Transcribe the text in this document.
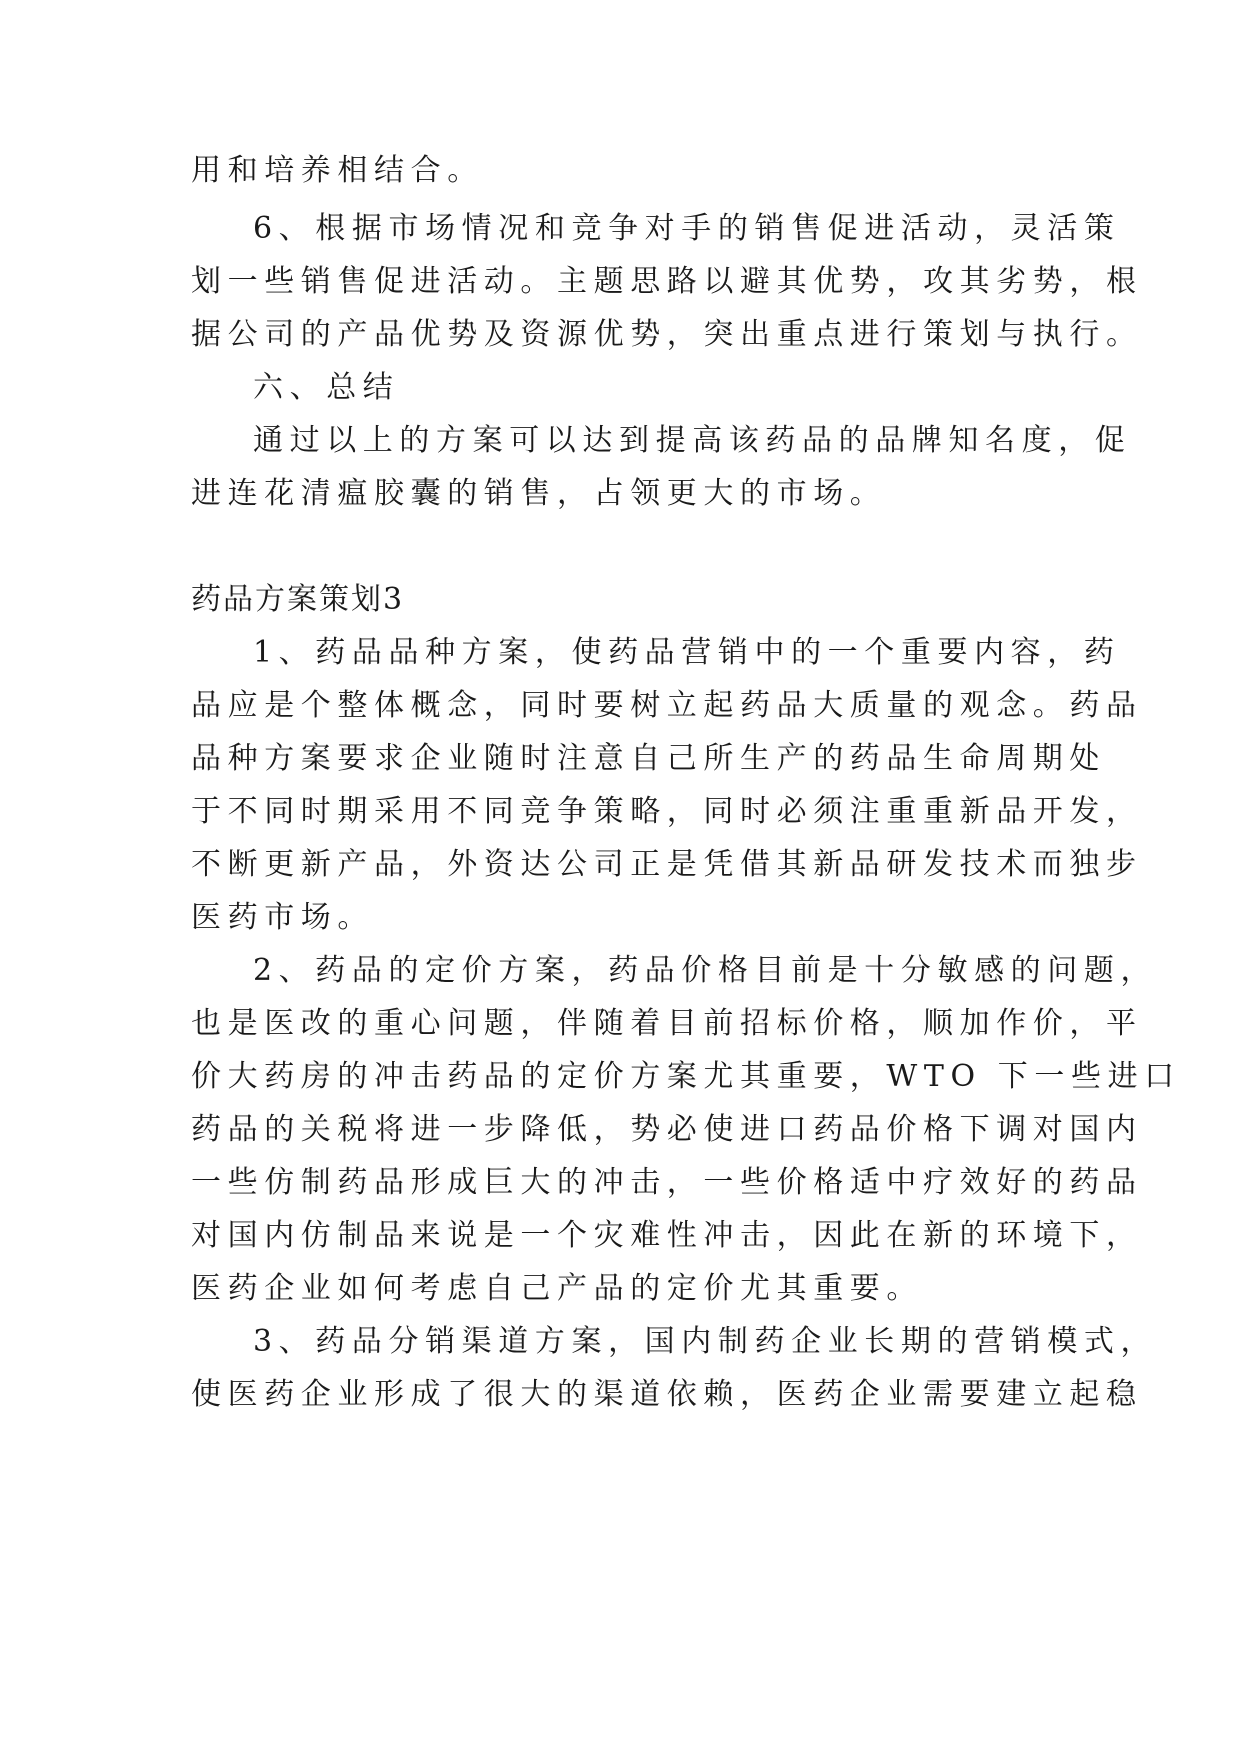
用和培养相结合。
6、根据市场情况和竞争对手的销售促进活动，灵活策
划一些销售促进活动。主题思路以避其优势，攻其劣势，根
据公司的产品优势及资源优势，突出重点进行策划与执行。
六、总结
通过以上的方案可以达到提高该药品的品牌知名度，促
进连花清瘟胶囊的销售，占领更大的市场。
药品方案策划3
1、药品品种方案，使药品营销中的一个重要内容，药
品应是个整体概念，同时要树立起药品大质量的观念。药品
品种方案要求企业随时注意自己所生产的药品生命周期处
于不同时期采用不同竞争策略，同时必须注重重新品开发，
不断更新产品，外资达公司正是凭借其新品研发技术而独步
医药市场。
2、药品的定价方案，药品价格目前是十分敏感的问题，
也是医改的重心问题，伴随着目前招标价格，顺加作价，平
价大药房的冲击药品的定价方案尤其重要，WTO 下一些进口
药品的关税将进一步降低，势必使进口药品价格下调对国内
一些仿制药品形成巨大的冲击，一些价格适中疗效好的药品
对国内仿制品来说是一个灾难性冲击，因此在新的环境下，
医药企业如何考虑自己产品的定价尤其重要。
3、药品分销渠道方案，国内制药企业长期的营销模式，
使医药企业形成了很大的渠道依赖，医药企业需要建立起稳
